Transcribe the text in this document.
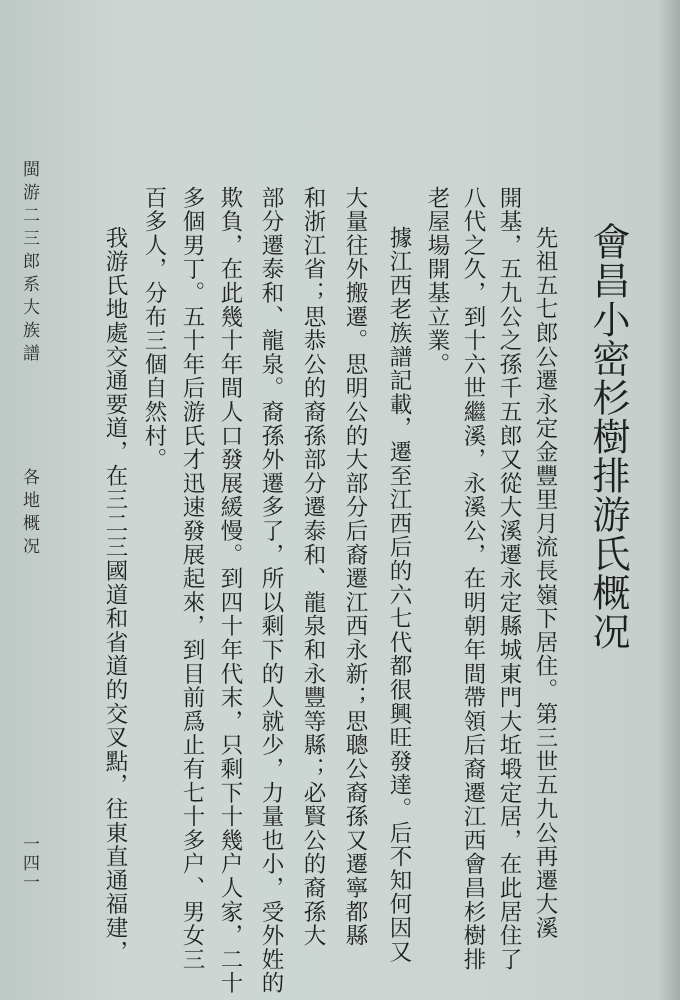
會昌小密杉樹排游氏概况
先祖五七郎公遷永定金豐里月流長嶺下居住。第三世五九公再遷大溪
開基，五九公之孫千五郎又從大溪遷永定縣城東門大坵塅定居，在此居住了
八代之久，到十六世繼溪，永溪公，在明朝年間帶領后裔遷江西會昌杉樹排
老屋場開基立業。
據江西老族譜記載，遷至江西后的六七代都很興旺發達。后不知何因又
大量往外搬遷。思明公的大部分后裔遷江西永新；思聰公裔孫又遷寧都縣
和浙江省；思恭公的裔孫部分遷泰和、龍泉和永豐等縣；必賢公的裔孫大
部分遷泰和、龍泉。裔孫外遷多了，所以剩下的人就少，力量也小，受外姓的
欺負，在此幾十年間人口發展緩慢。到四十年代末，只剩下十幾户人家，二十
多個男丁。五十年后游氏才迅速發展起來，到目前爲止有七十多户、男女三
百多人，分布三個自然村。
我游氏地處交通要道，在三二三國道和省道的交叉點，往東直通福建，
閩游二三郎系大族譜
各地概况
一四一
